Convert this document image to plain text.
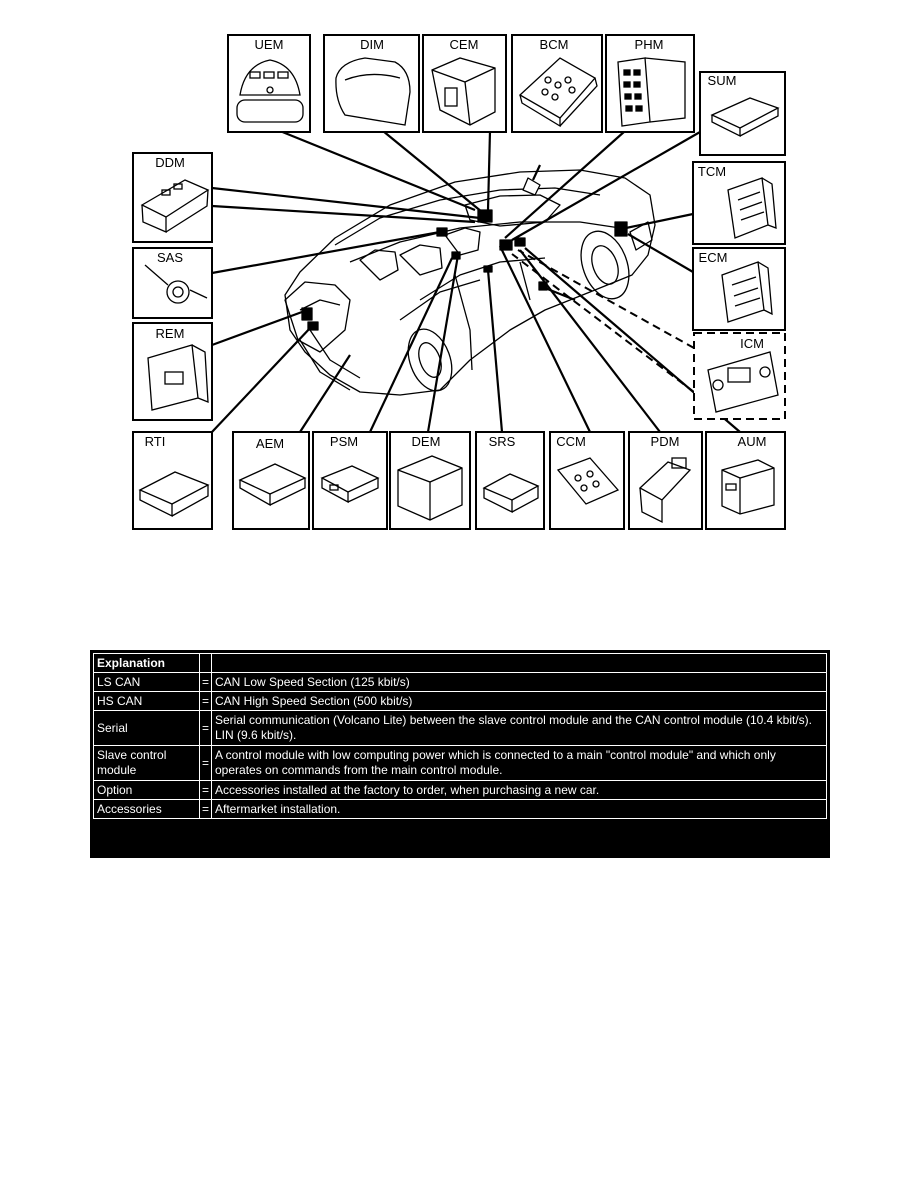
UEM	DIM	CEM	BCM	PHM
SUM
TCM
ECM
ICM
DDM
SAS
REM
RTI	AEM	PSM	DEM	SRS	CCM	PDM	AUM
Explanation		
LS CAN	=	CAN Low Speed Section (125 kbit/s)
HS CAN	=	CAN High Speed Section (500 kbit/s)
Serial	=	Serial communication (Volcano Lite) between the slave control module and the CAN control module (10.4 kbit/s). LIN (9.6 kbit/s).
Slave control module	=	A control module with low computing power which is connected to a main "control module" and which only operates on commands from the main control module.
Option	=	Accessories installed at the factory to order, when purchasing a new car.
Accessories	=	Aftermarket installation.
